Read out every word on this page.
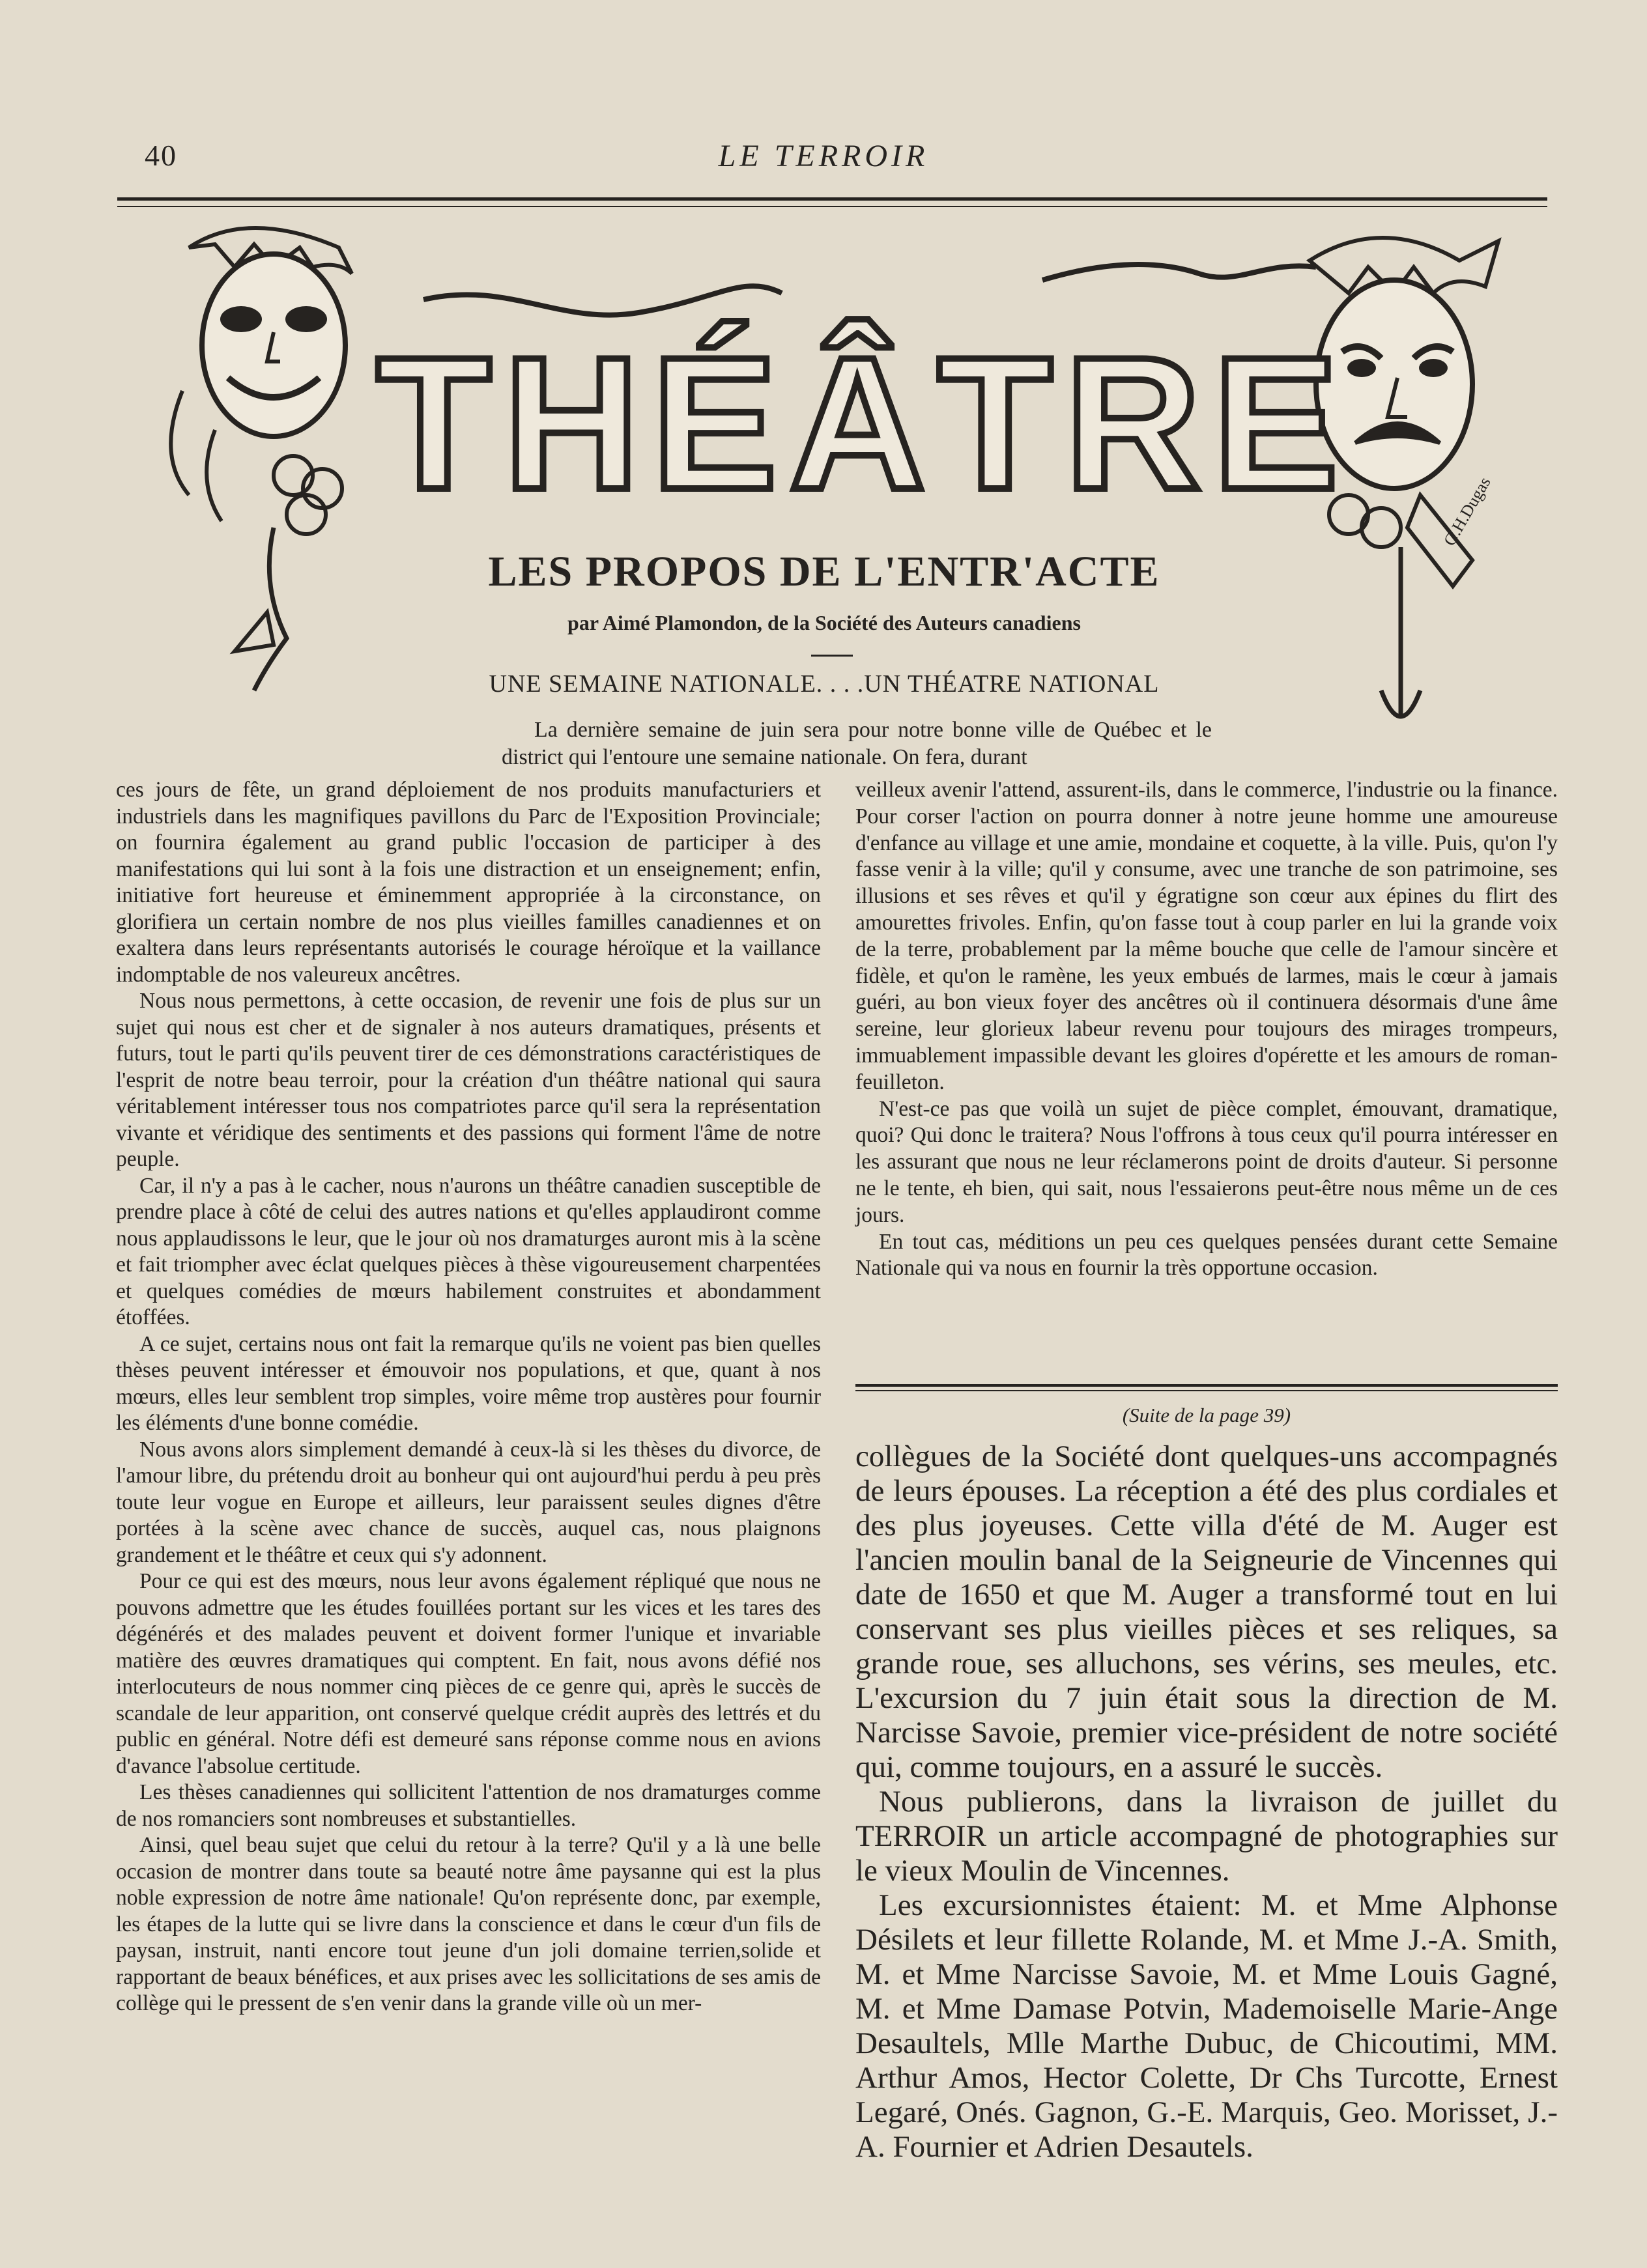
40	LE TERROIR
THÉÂTRE	G.H.Dugas
LES PROPOS DE L'ENTR'ACTE
par Aimé Plamondon, de la Société des Auteurs canadiens
UNE SEMAINE NATIONALE. . . .UN THÉATRE NATIONAL
La dernière semaine de juin sera pour notre bonne ville de Québec et le district qui l'entoure une semaine nationale. On fera, durant

ces jours de fête, un grand déploiement de nos produits manufacturiers et industriels dans les magnifiques pavillons du Parc de l'Exposition Provinciale; on fournira également au grand public l'occasion de participer à des manifestations qui lui sont à la fois une distraction et un enseignement; enfin, initiative fort heureuse et éminemment appropriée à la circonstance, on glorifiera un certain nombre de nos plus vieilles familles canadiennes et on exaltera dans leurs représentants autorisés le courage héroïque et la vaillance indomptable de nos valeureux ancêtres.

Nous nous permettons, à cette occasion, de revenir une fois de plus sur un sujet qui nous est cher et de signaler à nos auteurs dramatiques, présents et futurs, tout le parti qu'ils peuvent tirer de ces démonstrations caractéristiques de l'esprit de notre beau terroir, pour la création d'un théâtre national qui saura véritablement intéresser tous nos compatriotes parce qu'il sera la représentation vivante et véridique des sentiments et des passions qui forment l'âme de notre peuple.

Car, il n'y a pas à le cacher, nous n'aurons un théâtre canadien susceptible de prendre place à côté de celui des autres nations et qu'elles applaudiront comme nous applaudissons le leur, que le jour où nos dramaturges auront mis à la scène et fait triompher avec éclat quelques pièces à thèse vigoureusement charpentées et quelques comédies de mœurs habilement construites et abondamment étoffées.

A ce sujet, certains nous ont fait la remarque qu'ils ne voient pas bien quelles thèses peuvent intéresser et émouvoir nos populations, et que, quant à nos mœurs, elles leur semblent trop simples, voire même trop austères pour fournir les éléments d'une bonne comédie.

Nous avons alors simplement demandé à ceux-là si les thèses du divorce, de l'amour libre, du prétendu droit au bonheur qui ont aujourd'hui perdu à peu près toute leur vogue en Europe et ailleurs, leur paraissent seules dignes d'être portées à la scène avec chance de succès, auquel cas, nous plaignons grandement et le théâtre et ceux qui s'y adonnent.

Pour ce qui est des mœurs, nous leur avons également répliqué que nous ne pouvons admettre que les études fouillées portant sur les vices et les tares des dégénérés et des malades peuvent et doivent former l'unique et invariable matière des œuvres dramatiques qui comptent. En fait, nous avons défié nos interlocuteurs de nous nommer cinq pièces de ce genre qui, après le succès de scandale de leur apparition, ont conservé quelque crédit auprès des lettrés et du public en général. Notre défi est demeuré sans réponse comme nous en avions d'avance l'absolue certitude.

Les thèses canadiennes qui sollicitent l'attention de nos dramaturges comme de nos romanciers sont nombreuses et substantielles.

Ainsi, quel beau sujet que celui du retour à la terre? Qu'il y a là une belle occasion de montrer dans toute sa beauté notre âme paysanne qui est la plus noble expression de notre âme nationale! Qu'on représente donc, par exemple, les étapes de la lutte qui se livre dans la conscience et dans le cœur d'un fils de paysan, instruit, nanti encore tout jeune d'un joli domaine terrien,solide et rapportant de beaux bénéfices, et aux prises avec les sollicitations de ses amis de collège qui le pressent de s'en venir dans la grande ville où un mer-

veilleux avenir l'attend, assurent-ils, dans le commerce, l'industrie ou la finance. Pour corser l'action on pourra donner à notre jeune homme une amoureuse d'enfance au village et une amie, mondaine et coquette, à la ville. Puis, qu'on l'y fasse venir à la ville; qu'il y consume, avec une tranche de son patrimoine, ses illusions et ses rêves et qu'il y égratigne son cœur aux épines du flirt des amourettes frivoles. Enfin, qu'on fasse tout à coup parler en lui la grande voix de la terre, probablement par la même bouche que celle de l'amour sincère et fidèle, et qu'on le ramène, les yeux embués de larmes, mais le cœur à jamais guéri, au bon vieux foyer des ancêtres où il continuera désormais d'une âme sereine, leur glorieux labeur revenu pour toujours des mirages trompeurs, immuablement impassible devant les gloires d'opérette et les amours de roman-feuilleton.

N'est-ce pas que voilà un sujet de pièce complet, émouvant, dramatique, quoi? Qui donc le traitera? Nous l'offrons à tous ceux qu'il pourra intéresser en les assurant que nous ne leur réclamerons point de droits d'auteur. Si personne ne le tente, eh bien, qui sait, nous l'essaierons peut-être nous même un de ces jours.

En tout cas, méditions un peu ces quelques pensées durant cette Semaine Nationale qui va nous en fournir la très opportune occasion.

(Suite de la page 39)

collègues de la Société dont quelques-uns accompagnés de leurs épouses. La réception a été des plus cordiales et des plus joyeuses. Cette villa d'été de M. Auger est l'ancien moulin banal de la Seigneurie de Vincennes qui date de 1650 et que M. Auger a transformé tout en lui conservant ses plus vieilles pièces et ses reliques, sa grande roue, ses alluchons, ses vérins, ses meules, etc. L'excursion du 7 juin était sous la direction de M. Narcisse Savoie, premier vice-président de notre société qui, comme toujours, en a assuré le succès.

Nous publierons, dans la livraison de juillet du TERROIR un article accompagné de photographies sur le vieux Moulin de Vincennes.

Les excursionnistes étaient: M. et Mme Alphonse Désilets et leur fillette Rolande, M. et Mme J.-A. Smith, M. et Mme Narcisse Savoie, M. et Mme Louis Gagné, M. et Mme Damase Potvin, Mademoiselle Marie-Ange Desaultels, Mlle Marthe Dubuc, de Chicoutimi, MM. Arthur Amos, Hector Colette, Dr Chs Turcotte, Ernest Legaré, Onés. Gagnon, G.-E. Marquis, Geo. Morisset, J.-A. Fournier et Adrien Desautels.
